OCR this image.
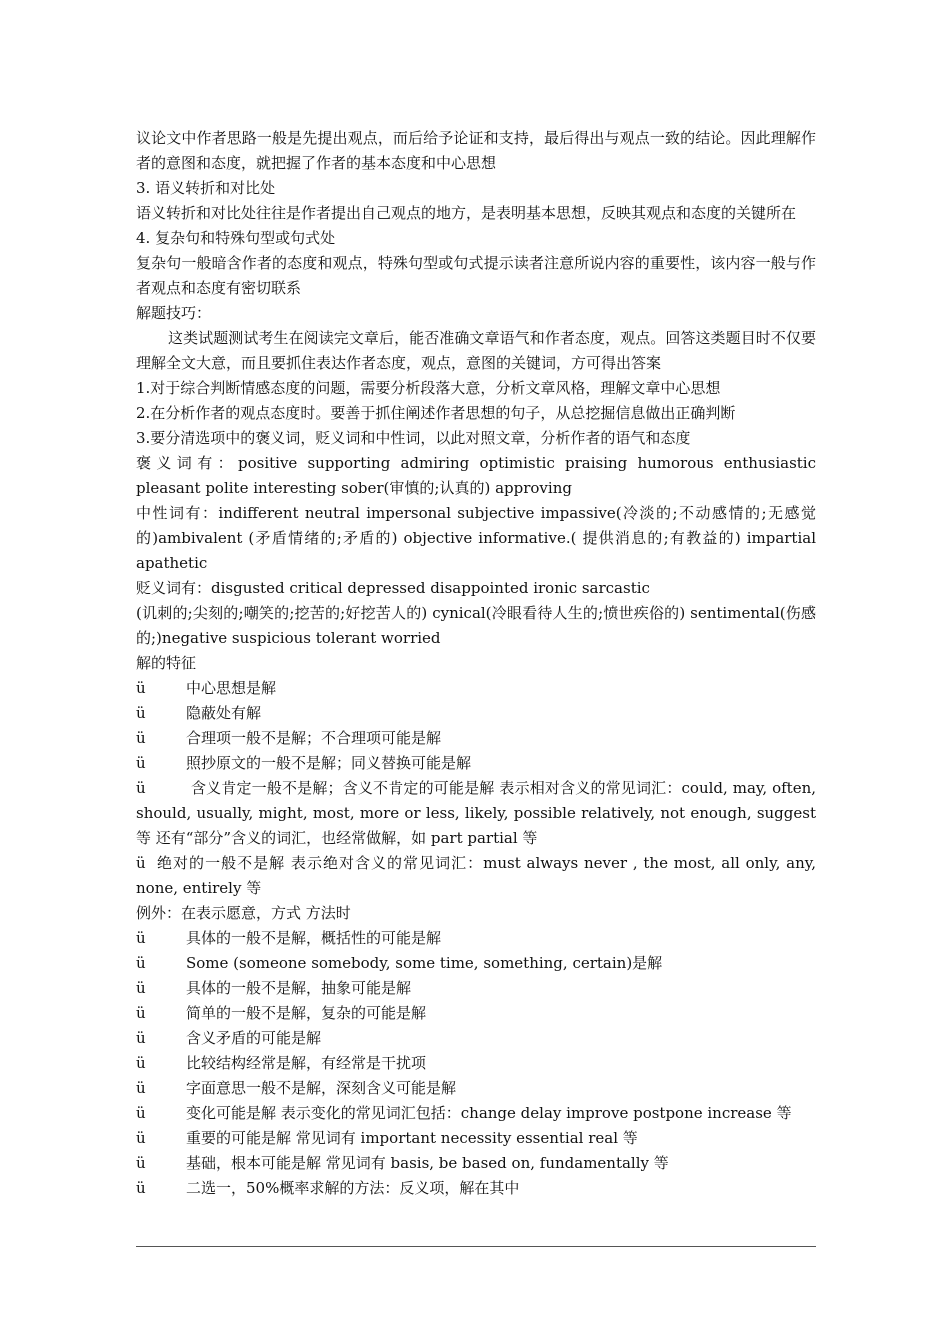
议论文中作者思路一般是先提出观点，而后给予论证和支持，最后得出与观点一致的结论。因此理解作者的意图和态度，就把握了作者的基本态度和中心思想

3. 语义转折和对比处

语义转折和对比处往往是作者提出自己观点的地方，是表明基本思想，反映其观点和态度的关键所在

4. 复杂句和特殊句型或句式处

复杂句一般暗含作者的态度和观点，特殊句型或句式提示读者注意所说内容的重要性，该内容一般与作者观点和态度有密切联系

解题技巧：

这类试题测试考生在阅读完文章后，能否准确文章语气和作者态度，观点。回答这类题目时不仅要理解全文大意，而且要抓住表达作者态度，观点，意图的关键词，方可得出答案

1.对于综合判断情感态度的问题，需要分析段落大意，分析文章风格，理解文章中心思想

2.在分析作者的观点态度时。要善于抓住阐述作者思想的句子，从总挖掘信息做出正确判断

3.要分清选项中的褒义词，贬义词和中性词，以此对照文章，分析作者的语气和态度

褒义词有：positive supporting admiring optimistic praising humorous enthusiastic pleasant polite interesting sober(审慎的;认真的) approving

中性词有：indifferent neutral impersonal subjective impassive(冷淡的;不动感情的;无感觉的)ambivalent (矛盾情绪的;矛盾的) objective informative.( 提供消息的;有教益的) impartial apathetic

贬义词有：disgusted critical depressed disappointed ironic sarcastic

(讥刺的;尖刻的;嘲笑的;挖苦的;好挖苦人的) cynical(冷眼看待人生的;愤世疾俗的) sentimental(伤感的;)negative suspicious tolerant worried

解的特征

ü	中心思想是解
ü	隐蔽处有解
ü	合理项一般不是解；不合理项可能是解
ü	照抄原文的一般不是解；同义替换可能是解

ü	含义肯定一般不是解；含义不肯定的可能是解 表示相对含义的常见词汇：could, may, often, should, usually, might, most, more or less, likely, possible relatively, not enough, suggest 等 还有“部分”含义的词汇，也经常做解，如 part partial 等

ü 绝对的一般不是解 表示绝对含义的常见词汇：must always never , the most, all only, any, none, entirely 等

例外：在表示愿意，方式 方法时

ü	具体的一般不是解，概括性的可能是解
ü	Some (someone somebody, some time, something, certain)是解
ü	具体的一般不是解，抽象可能是解
ü	简单的一般不是解，复杂的可能是解
ü	含义矛盾的可能是解
ü	比较结构经常是解，有经常是干扰项
ü	字面意思一般不是解，深刻含义可能是解
ü	变化可能是解 表示变化的常见词汇包括：change delay improve postpone increase 等
ü	重要的可能是解 常见词有 important necessity essential real 等
ü	基础，根本可能是解 常见词有 basis, be based on, fundamentally 等
ü	二选一，50%概率求解的方法：反义项，解在其中
